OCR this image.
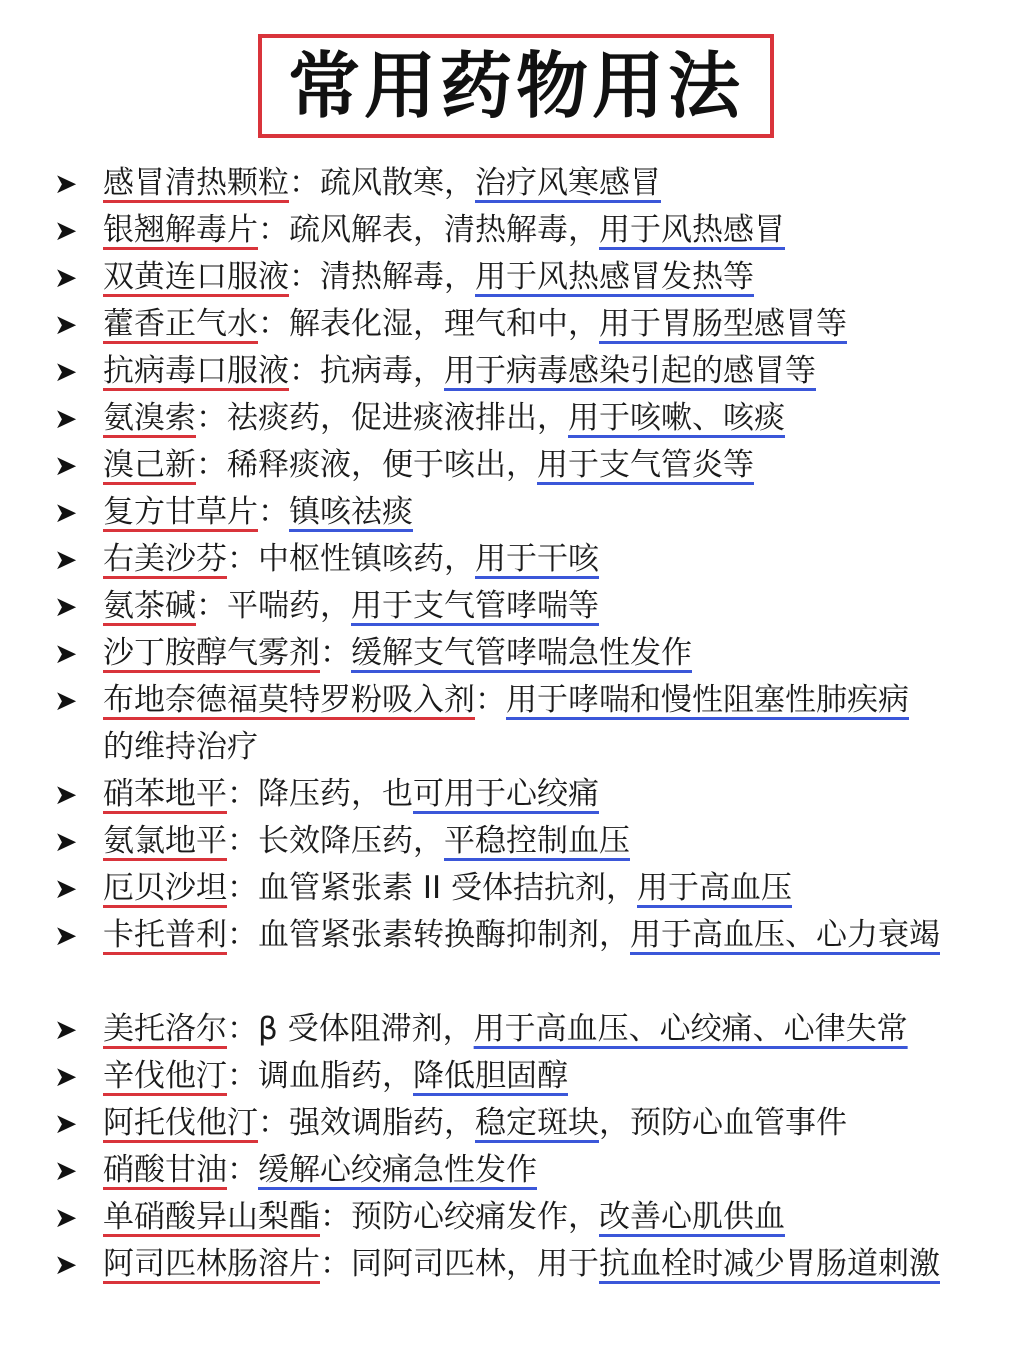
常用药物用法
➤ 感冒清热颗粒：疏风散寒，治疗风寒感冒
➤ 银翘解毒片：疏风解表，清热解毒，用于风热感冒
➤ 双黄连口服液：清热解毒，用于风热感冒发热等
➤ 藿香正气水：解表化湿，理气和中，用于胃肠型感冒等
➤ 抗病毒口服液：抗病毒，用于病毒感染引起的感冒等
➤ 氨溴索：祛痰药，促进痰液排出，用于咳嗽、咳痰
➤ 溴己新：稀释痰液，便于咳出，用于支气管炎等
➤ 复方甘草片：镇咳祛痰
➤ 右美沙芬：中枢性镇咳药，用于干咳
➤ 氨茶碱：平喘药，用于支气管哮喘等
➤ 沙丁胺醇气雾剂：缓解支气管哮喘急性发作
➤ 布地奈德福莫特罗粉吸入剂：用于哮喘和慢性阻塞性肺疾病
的维持治疗
➤ 硝苯地平：降压药，也可用于心绞痛
➤ 氨氯地平：长效降压药，平稳控制血压
➤ 厄贝沙坦：血管紧张素 II 受体拮抗剂，用于高血压
➤ 卡托普利：血管紧张素转换酶抑制剂，用于高血压、心力衰竭
➤ 美托洛尔：β 受体阻滞剂，用于高血压、心绞痛、心律失常
➤ 辛伐他汀：调血脂药，降低胆固醇
➤ 阿托伐他汀：强效调脂药，稳定斑块，预防心血管事件
➤ 硝酸甘油：缓解心绞痛急性发作
➤ 单硝酸异山梨酯：预防心绞痛发作，改善心肌供血
➤ 阿司匹林肠溶片：同阿司匹林，用于抗血栓时减少胃肠道刺激
